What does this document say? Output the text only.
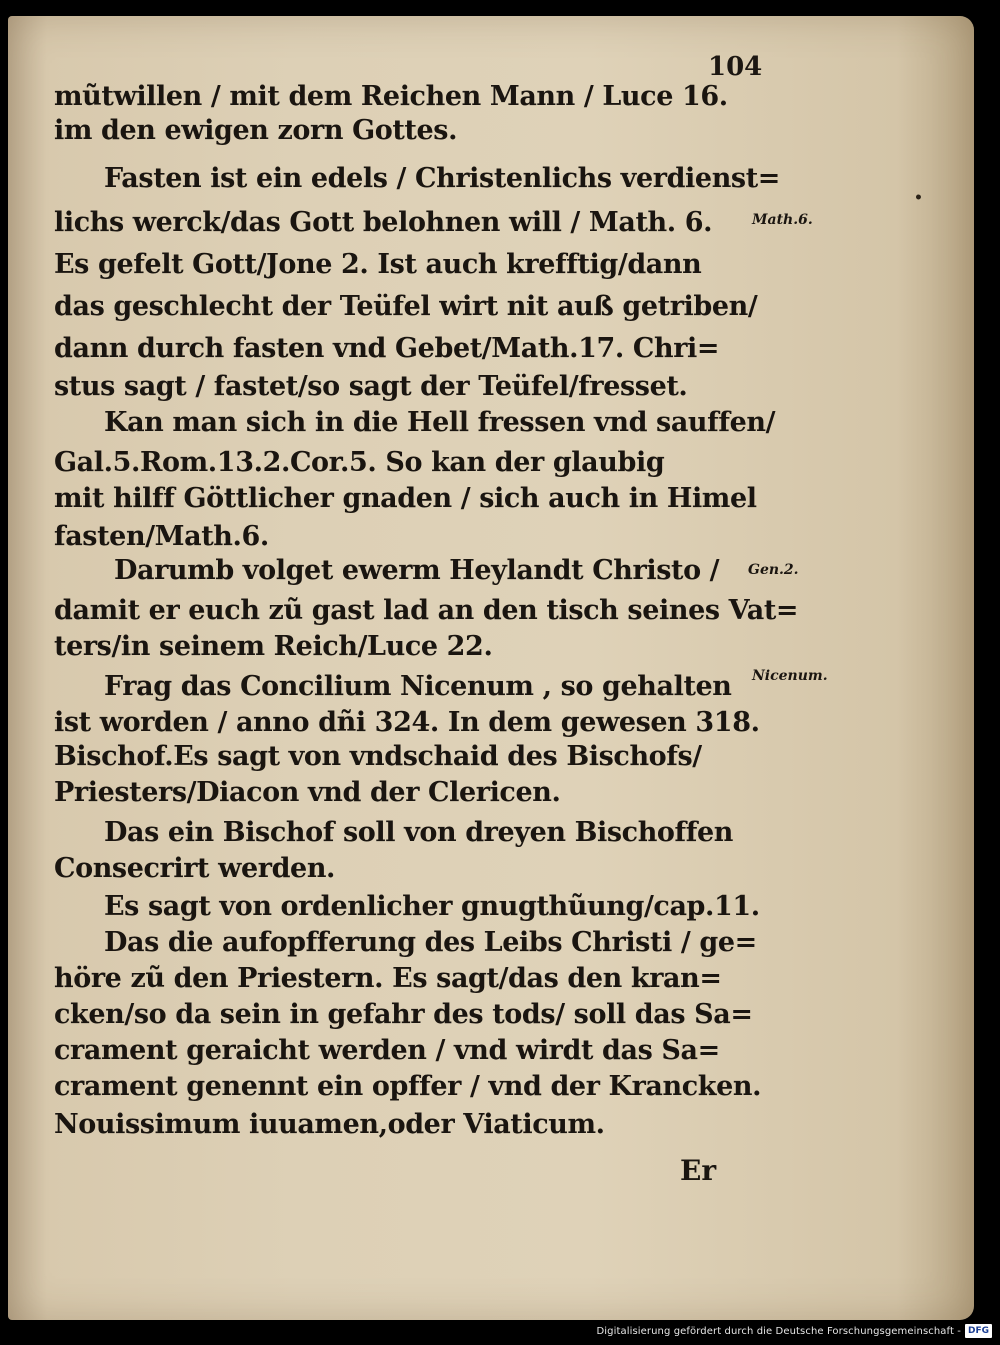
104
mũtwillen / mit dem Reichen Mann / Luce 16.
im den ewigen zorn Gottes.
Fasten ist ein edels / Christenlichs verdienst=
lichs werck/das Gott belohnen will / Math. 6.
Es gefelt Gott/Jone 2. Ist auch krefftig/dann
das geschlecht der Teüfel wirt nit auß getriben/
dann durch fasten vnd Gebet/Math.17. Chri=
stus sagt / fastet/so sagt der Teüfel/fresset.
Kan man sich in die Hell fressen vnd sauffen/
Gal.5.Rom.13.2.Cor.5. So kan der glaubig
mit hilff Göttlicher gnaden / sich auch in Himel
fasten/Math.6.
Darumb volget ewerm Heylandt Christo /
damit er euch zũ gast lad an den tisch seines Vat=
ters/in seinem Reich/Luce 22.
Frag das Concilium Nicenum , so gehalten
ist worden / anno dñi 324. In dem gewesen 318.
Bischof.Es sagt von vndschaid des Bischofs/
Priesters/Diacon vnd der Clericen.
Das ein Bischof soll von dreyen Bischoffen
Consecrirt werden.
Es sagt von ordenlicher gnugthũung/cap.11.
Das die aufopfferung des Leibs Christi / ge=
höre zũ den Priestern. Es sagt/das den kran=
cken/so da sein in gefahr des tods/ soll das Sa=
crament geraicht werden / vnd wirdt das Sa=
crament genennt ein opffer / vnd der Krancken.
Nouissimum iuuamen,oder Viaticum.
Math.6.
Gen.2.
Nicenum.
•
Er
Digitalisierung gefördert durch die Deutsche Forschungsgemeinschaft - DFG
